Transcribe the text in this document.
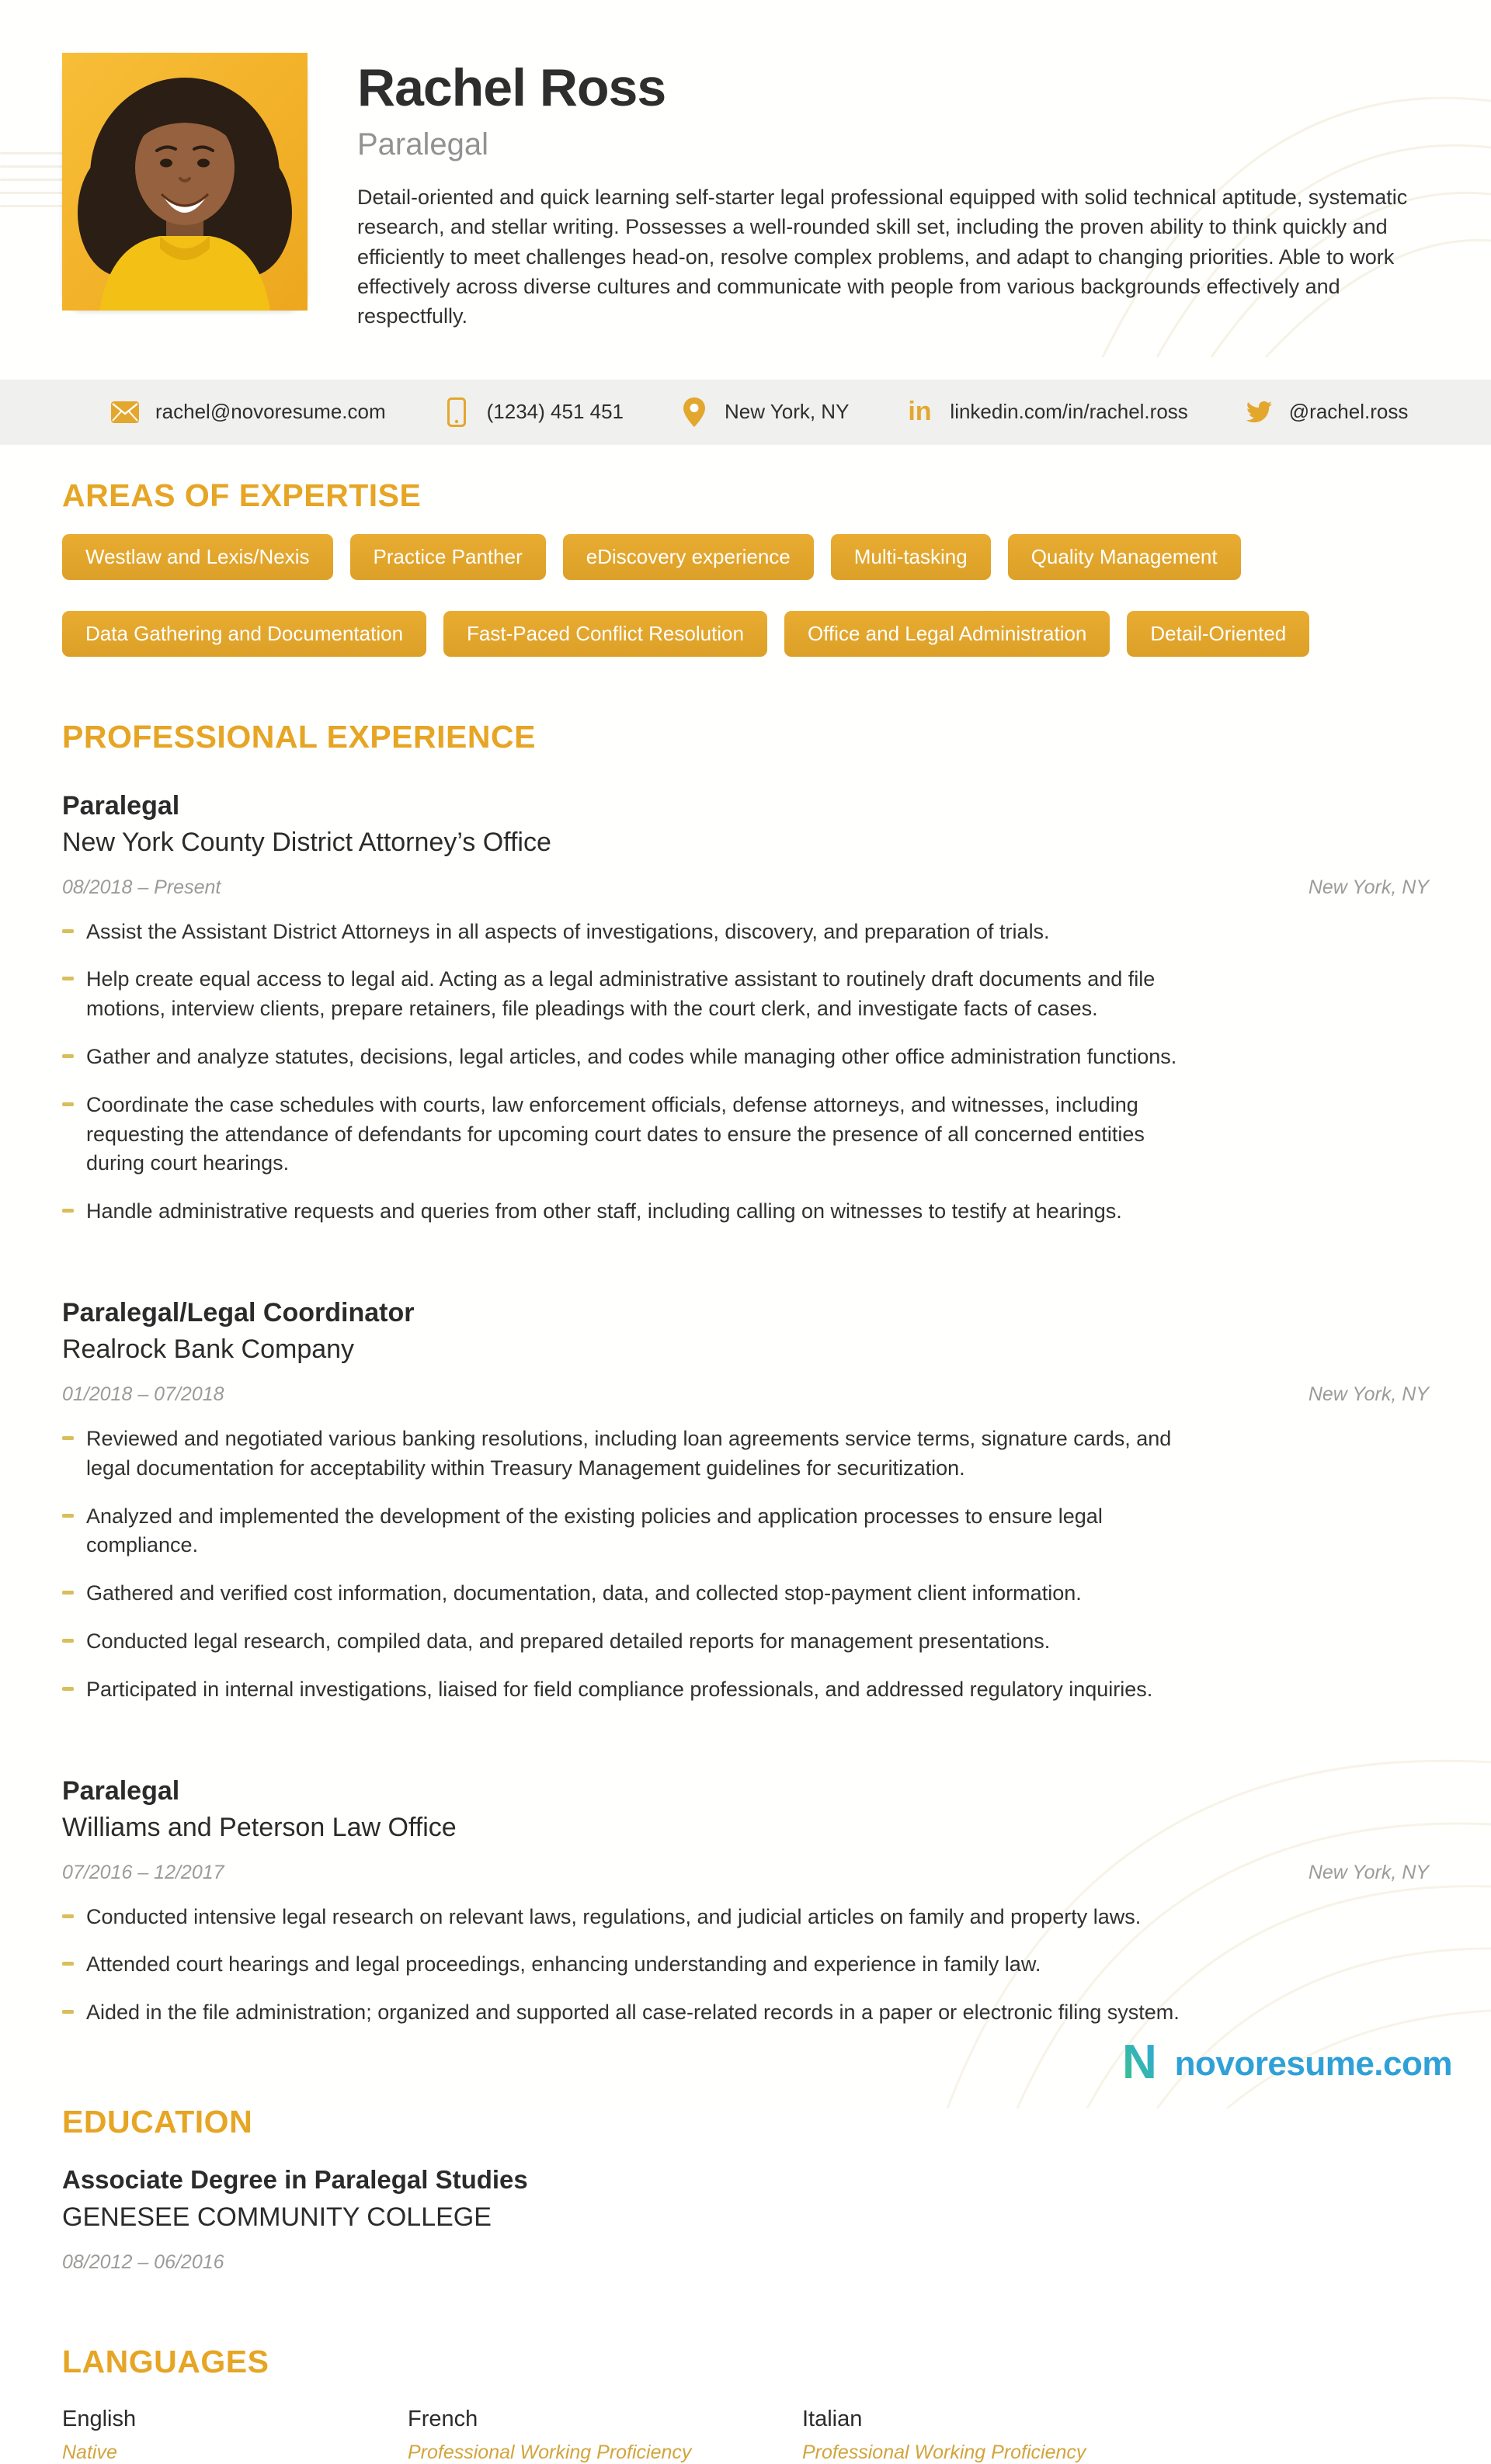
Rachel Ross
Paralegal

Detail-oriented and quick learning self-starter legal professional equipped with solid technical aptitude, systematic research, and stellar writing. Possesses a well-rounded skill set, including the proven ability to think quickly and efficiently to meet challenges head-on, resolve complex problems, and adapt to changing priorities. Able to work effectively across diverse cultures and communicate with people from various backgrounds effectively and respectfully.

rachel@novoresume.com	(1234) 451 451	New York, NY in linkedin.com/in/rachel.ross	@rachel.ross
AREAS OF EXPERTISE
Westlaw and Lexis/Nexis	Practice Panther	eDiscovery experience	Multi-tasking	Quality Management
Data Gathering and Documentation	Fast-Paced Conflict Resolution	Office and Legal Administration	Detail-Oriented
PROFESSIONAL EXPERIENCE
Paralegal
New York County District Attorney’s Office
08/2018 – Present	New York, NY
Assist the Assistant District Attorneys in all aspects of investigations, discovery, and preparation of trials.
Help create equal access to legal aid. Acting as a legal administrative assistant to routinely draft documents and file motions, interview clients, prepare retainers, file pleadings with the court clerk, and investigate facts of cases.
Gather and analyze statutes, decisions, legal articles, and codes while managing other office administration functions.
Coordinate the case schedules with courts, law enforcement officials, defense attorneys, and witnesses, including requesting the attendance of defendants for upcoming court dates to ensure the presence of all concerned entities during court hearings.
Handle administrative requests and queries from other staff, including calling on witnesses to testify at hearings.
Paralegal/Legal Coordinator
Realrock Bank Company
01/2018 – 07/2018	New York, NY
Reviewed and negotiated various banking resolutions, including loan agreements service terms, signature cards, and legal documentation for acceptability within Treasury Management guidelines for securitization.
Analyzed and implemented the development of the existing policies and application processes to ensure legal compliance.
Gathered and verified cost information, documentation, data, and collected stop-payment client information.
Conducted legal research, compiled data, and prepared detailed reports for management presentations.
Participated in internal investigations, liaised for field compliance professionals, and addressed regulatory inquiries.
Paralegal
Williams and Peterson Law Office
07/2016 – 12/2017	New York, NY
Conducted intensive legal research on relevant laws, regulations, and judicial articles on family and property laws.
Attended court hearings and legal proceedings, enhancing understanding and experience in family law.
Aided in the file administration; organized and supported all case-related records in a paper or electronic filing system.
EDUCATION
Associate Degree in Paralegal Studies
GENESEE COMMUNITY COLLEGE
08/2012 – 06/2016
LANGUAGES
English
Native
French
Professional Working Proficiency
Italian
Professional Working Proficiency
N novoresume.com
